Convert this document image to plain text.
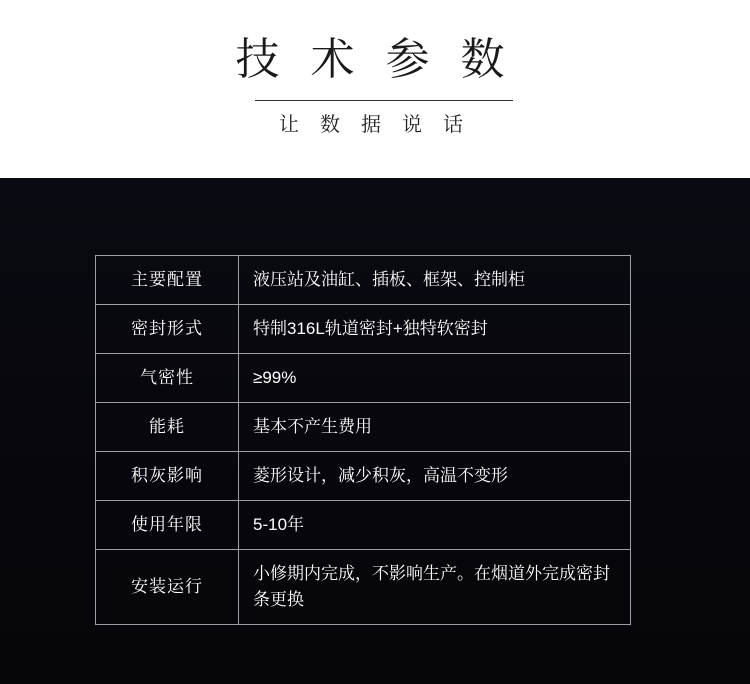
技 术 参 数
让 数 据 说 话
主要配置	液压站及油缸、插板、框架、控制柜
密封形式	特制316L轨道密封+独特软密封
气密性	≥99%
能耗	基本不产生费用
积灰影响	菱形设计，减少积灰，高温不变形
使用年限	5-10年
安装运行	小修期内完成，不影响生产。在烟道外完成密封条更换
